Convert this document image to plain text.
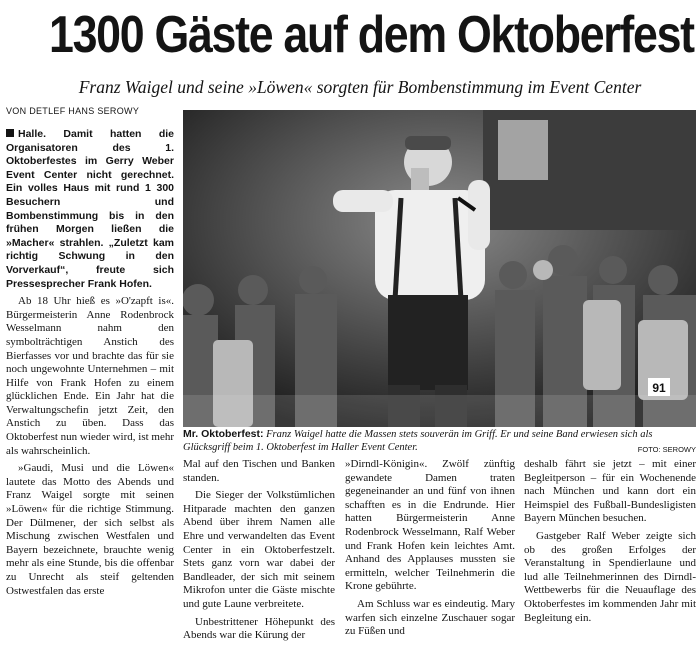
1300 Gäste auf dem Oktoberfest
Franz Waigel und seine »Löwen« sorgten für Bombenstimmung im Event Center
VON DETLEF HANS SEROWY

Halle. Damit hatten die Organisatoren des 1. Oktoberfestes im Gerry Weber Event Center nicht gerechnet. Ein volles Haus mit rund 1 300 Besuchern und Bombenstimmung bis in den frühen Morgen ließen die »Macher« strahlen. „Zuletzt kam richtig Schwung in den Vorverkauf“, freute sich Pressesprecher Frank Hofen.

Ab 18 Uhr hieß es »O'zapft is«. Bürgermeisterin Anne Rodenbrock Wesselmann nahm den symbolträchtigen Anstich des Bierfasses vor und brachte das für sie noch ungewohnte Unternehmen – mit Hilfe von Frank Hofen zu einem glücklichen Ende. Ein Jahr hat die Verwaltungschefin jetzt Zeit, den Anstich zu üben. Dass das Oktoberfest nun wieder wird, ist mehr als wahrscheinlich.

»Gaudi, Musi und die Löwen« lautete das Motto des Abends und Franz Waigel sorgte mit seinen »Löwen« für die richtige Stimmung. Der Dülmener, der sich selbst als Mischung zwischen Westfalen und Bayern bezeichnete, brauchte wenig mehr als eine Stunde, bis die offenbar zu Unrecht als steif geltenden Ostwestfalen das erste

91
Mr. Oktoberfest: Franz Waigel hatte die Massen stets souverän im Griff. Er und seine Band erwiesen sich als Glücksgriff beim 1. Oktoberfest im Haller Event Center.	FOTO: SEROWY

Mal auf den Tischen und Banken standen.

Die Sieger der Volkstümlichen Hitparade machten den ganzen Abend über ihrem Namen alle Ehre und verwandelten das Event Center in ein Oktoberfestzelt. Stets ganz vorn war dabei der Bandleader, der sich mit seinem Mikrofon unter die Gäste mischte und gute Laune verbreitete.

Unbestrittener Höhepunkt des Abends war die Kürung der

»Dirndl-Königin«. Zwölf zünftig gewandete Damen traten gegeneinander an und fünf von ihnen schafften es in die Endrunde. Hier hatten Bürgermeisterin Anne Rodenbrock Wesselmann, Ralf Weber und Frank Hofen kein leichtes Amt. Anhand des Applauses mussten sie ermitteln, welcher Teilnehmerin die Krone gebührte.

Am Schluss war es eindeutig. Mary warfen sich einzelne Zuschauer sogar zu Füßen und

deshalb fährt sie jetzt – mit einer Begleitperson – für ein Wochenende nach München und kann dort ein Heimspiel des Fußball-Bundesligisten Bayern München besuchen.

Gastgeber Ralf Weber zeigte sich ob des großen Erfolges der Veranstaltung in Spendierlaune und lud alle Teilnehmerinnen des Dirndl-Wettbewerbs für die Neuauflage des Oktoberfestes im kommenden Jahr mit Begleitung ein.
